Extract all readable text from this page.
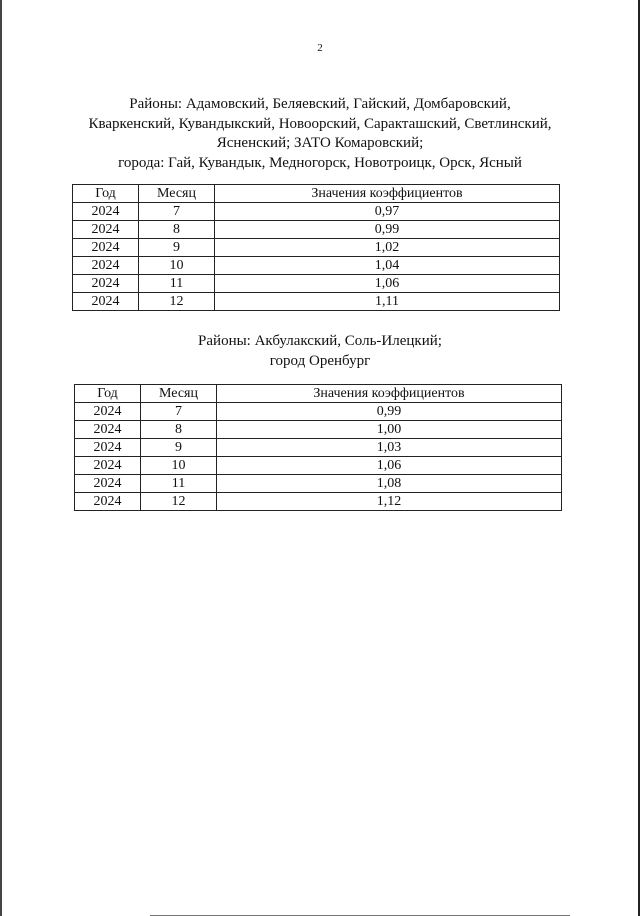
2
Районы: Адамовский, Беляевский, Гайский, Домбаровский,
Кваркенский, Кувандыкский, Новоорский, Саракташский, Светлинский,
Ясненский; ЗАТО Комаровский;
города: Гай, Кувандык, Медногорск, Новотроицк, Орск, Ясный
Год	Месяц	Значения коэффициентов
2024	7	0,97
2024	8	0,99
2024	9	1,02
2024	10	1,04
2024	11	1,06
2024	12	1,11
Районы: Акбулакский, Соль-Илецкий;
город Оренбург
Год	Месяц	Значения коэффициентов
2024	7	0,99
2024	8	1,00
2024	9	1,03
2024	10	1,06
2024	11	1,08
2024	12	1,12
